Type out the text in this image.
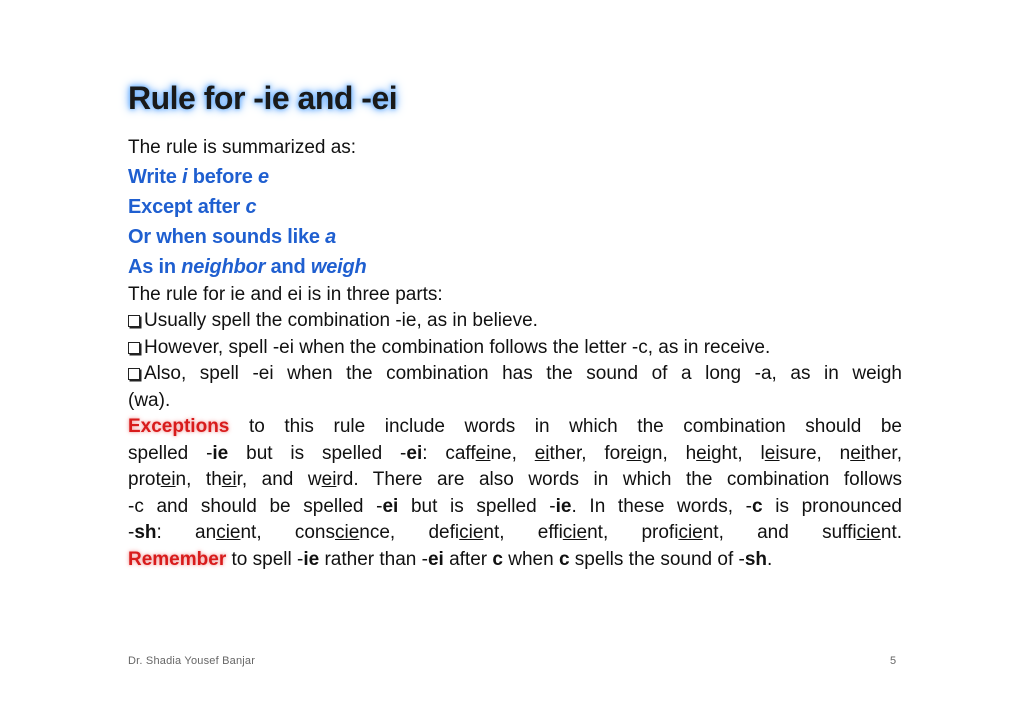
Rule for -ie and -ei
The rule is summarized as:
Write i before e
Except after c
Or when sounds like a
As in neighbor and weigh
The rule for ie and ei is in three parts:
Usually spell the combination -ie, as in believe.
However, spell -ei when the combination follows the letter -c, as in receive.
Also, spell -ei when the combination has the sound of a long -a, as in weigh
(wa).
Exceptions to this rule include words in which the combination should be
spelled -ie but is spelled -ei: caffeine, either, foreign, height, leisure, neither,
protein, their, and weird. There are also words in which the combination follows
-c and should be spelled -ei but is spelled -ie. In these words, -c is pronounced
-sh: ancient, conscience, deficient, efficient, proficient, and sufficient.
Remember to spell -ie rather than -ei after c when c spells the sound of -sh.
Dr. Shadia Yousef Banjar	5
